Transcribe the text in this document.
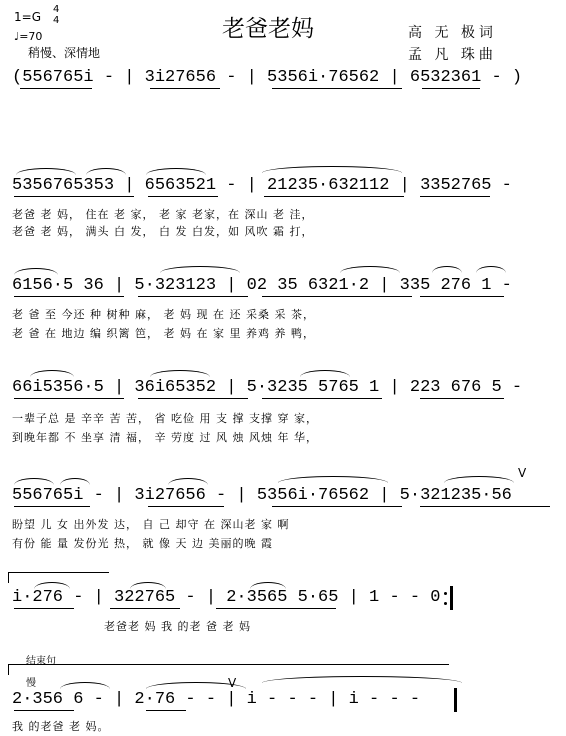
1=G
4
4
♩=70
稍慢、深情地
老爸老妈	高 无 极词
孟 凡 珠曲
(556765i - | 3i27656 - | 5356i·76562 | 6532361 - )
5356765353 | 6563521 - | 21235·632112 | 3352765 -
老爸 老 妈， 住在 老 家， 老 家 老家，在 深山 老 洼，
老爸 老 妈， 满头 白 发， 白 发 白发，如 风吹 霜 打，
6156·5 36 | 5·323123 | 02 35 6321·2 | 335 276 1 -
老 爸 至 今还 种 树种 麻， 老 妈 现 在 还 采桑 采 茶，
老 爸 在 地边 编 织篱 笆， 老 妈 在 家 里 养鸡 养 鸭，
66i5356·5 | 36i65352 | 5·3235 5765 1 | 223 676 5 -
一辈子总 是 辛辛 苦 苦， 省 吃俭 用 支 撑 支撑 穿 家，
到晚年都 不 坐享 清 福， 辛 劳度 过 风 烛 风烛 年 华，
V
556765i - | 3i27656 - | 5356i·76562 | 5·321235·56
盼望 儿 女 出外发 达， 自 己 却守 在 深山老 家 啊
有份 能 量 发份光 热， 就 像 天 边 美丽的晚 霞
i·276 - | 322765 - | 2·3565 5·65 | 1 - - 0
老爸老 妈 我 的老 爸 老 妈
结束句
慢	V
2·356 6 - | 2·76 - - | i - - - | i - - -
我 的老爸 老 妈。
